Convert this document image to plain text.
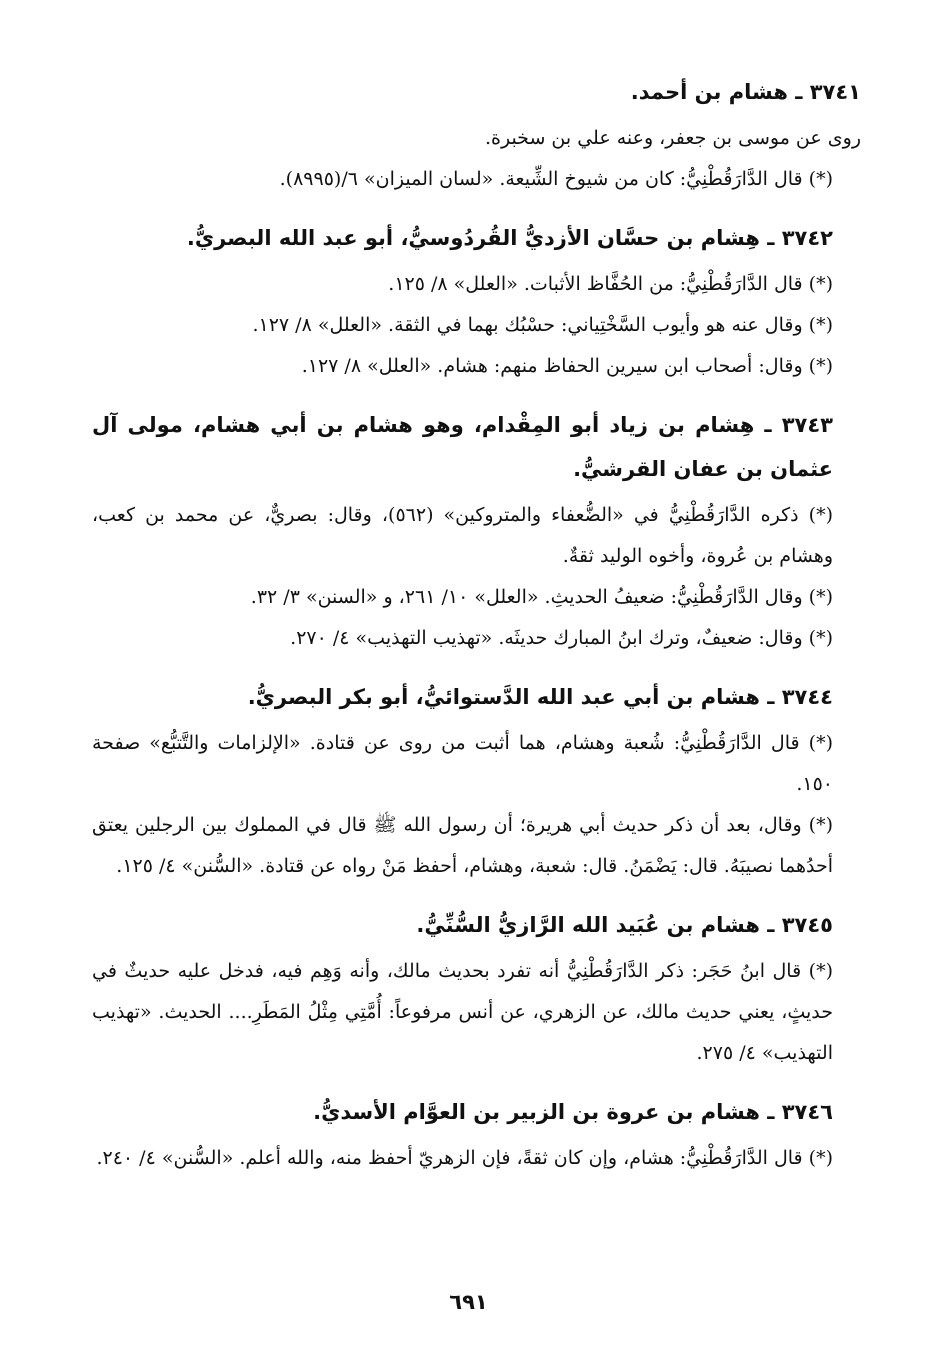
٣٧٤١ ـ هشام بن أحمد.

روى عن موسى بن جعفر، وعنه علي بن سخبرة.

(*) قال الدَّارَقُطْنِيُّ: كان من شيوخ الشِّيعة. «لسان الميزان» ٦/(٨٩٩٥).

٣٧٤٢ ـ هِشام بن حسَّان الأزديُّ القُردُوسيُّ، أبو عبد الله البصريُّ.

(*) قال الدَّارَقُطْنِيُّ: من الحُفَّاظ الأثبات. «العلل» ٨/ ١٢٥.

(*) وقال عنه هو وأيوب السَّخْتِياني: حسْبُك بهما في الثقة. «العلل» ٨/ ١٢٧.

(*) وقال: أصحاب ابن سيرين الحفاظ منهم: هشام. «العلل» ٨/ ١٢٧.

٣٧٤٣ ـ هِشام بن زياد أبو المِقْدام، وهو هشام بن أبي هشام، مولى آل عثمان بن عفان القرشيُّ.

(*) ذكره الدَّارَقُطْنِيُّ في «الضُّعفاء والمتروكين» (٥٦٢)، وقال: بصريٌّ، عن محمد بن كعب، وهشام بن عُروة، وأخوه الوليد ثقةٌ.

(*) وقال الدَّارَقُطْنِيُّ: ضعيفُ الحديثِ. «العلل» ١٠/ ٢٦١، و «السنن» ٣/ ٣٢.

(*) وقال: ضعيفٌ، وترك ابنُ المبارك حديثَه. «تهذيب التهذيب» ٤/ ٢٧٠.

٣٧٤٤ ـ هشام بن أبي عبد الله الدَّستوائيُّ، أبو بكر البصريُّ.

(*) قال الدَّارَقُطْنِيُّ: شُعبة وهشام، هما أثبت من روى عن قتادة. «الإلزامات والتَّتبُّع» صفحة ١٥٠.

(*) وقال، بعد أن ذكر حديث أبي هريرة؛ أن رسول الله ﷺ قال في المملوك بين الرجلين يعتق أحدُهما نصيبَهُ. قال: يَضْمَنُ. قال: شعبة، وهشام، أحفظ مَنْ رواه عن قتادة. «السُّنن» ٤/ ١٢٥.

٣٧٤٥ ـ هشام بن عُبَيد الله الرَّازيُّ السُّنِّيُّ.

(*) قال ابنُ حَجَر: ذكر الدَّارَقُطْنِيُّ أنه تفرد بحديث مالك، وأنه وَهِم فيه، فدخل عليه حديثٌ في حديثٍ، يعني حديث مالك، عن الزهري، عن أنس مرفوعاً: أُمَّتِي مِثْلُ المَطَرِ.... الحديث. «تهذيب التهذيب» ٤/ ٢٧٥.

٣٧٤٦ ـ هشام بن عروة بن الزبير بن العوَّام الأسديُّ.

(*) قال الدَّارَقُطْنِيُّ: هشام، وإن كان ثقةً، فإن الزهريّ أحفظ منه، والله أعلم. «السُّنن» ٤/ ٢٤٠.

٦٩١
